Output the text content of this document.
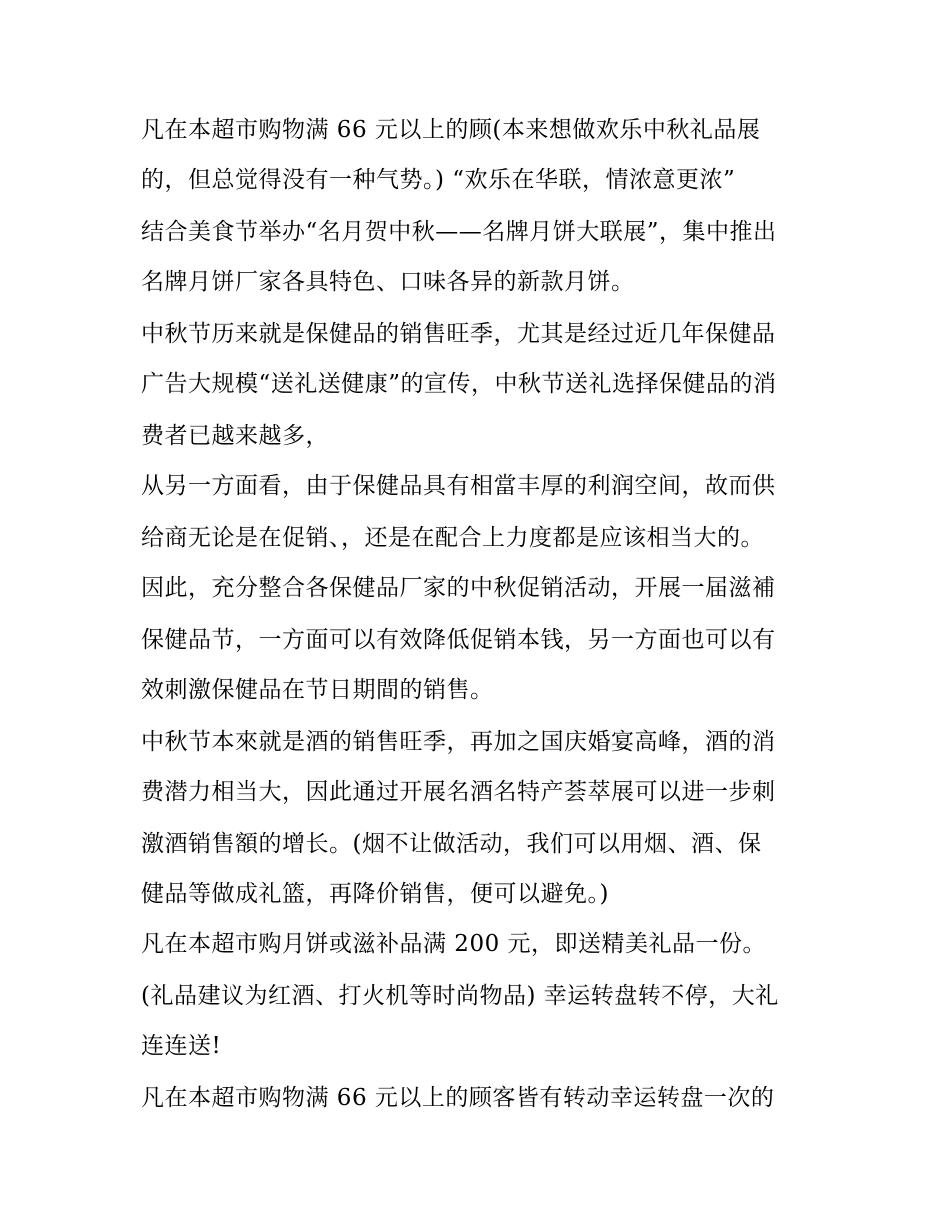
凡在本超市购物满 66 元以上的顾(本来想做欢乐中秋礼品展

的，但总觉得没有一种气势。) “欢乐在华联，情浓意更浓”

结合美食节举办“名月贺中秋——名牌月饼大联展”，集中推出

名牌月饼厂家各具特色、口味各异的新款月饼。

中秋节历来就是保健品的销售旺季，尤其是经过近几年保健品

广告大规模“送礼送健康”的宣传，中秋节送礼选择保健品的消

费者已越来越多，

从另一方面看，由于保健品具有相當丰厚的利润空间，故而供

给商无论是在促销、，还是在配合上力度都是应该相当大的。

因此，充分整合各保健品厂家的中秋促销活动，开展一届滋補

保健品节，一方面可以有效降低促销本钱，另一方面也可以有

效刺激保健品在节日期間的销售。

中秋节本來就是酒的销售旺季，再加之国庆婚宴高峰，酒的消

费潜力相当大，因此通过开展名酒名特产荟萃展可以进一步刺

激酒销售額的增长。(烟不让做活动，我们可以用烟、酒、保

健品等做成礼篮，再降价销售，便可以避免。)

凡在本超市购月饼或滋补品满 200 元，即送精美礼品一份。

(礼品建议为红酒、打火机等时尚物品) 幸运转盘转不停，大礼

连连送!

凡在本超市购物满 66 元以上的顾客皆有转动幸运转盘一次的
